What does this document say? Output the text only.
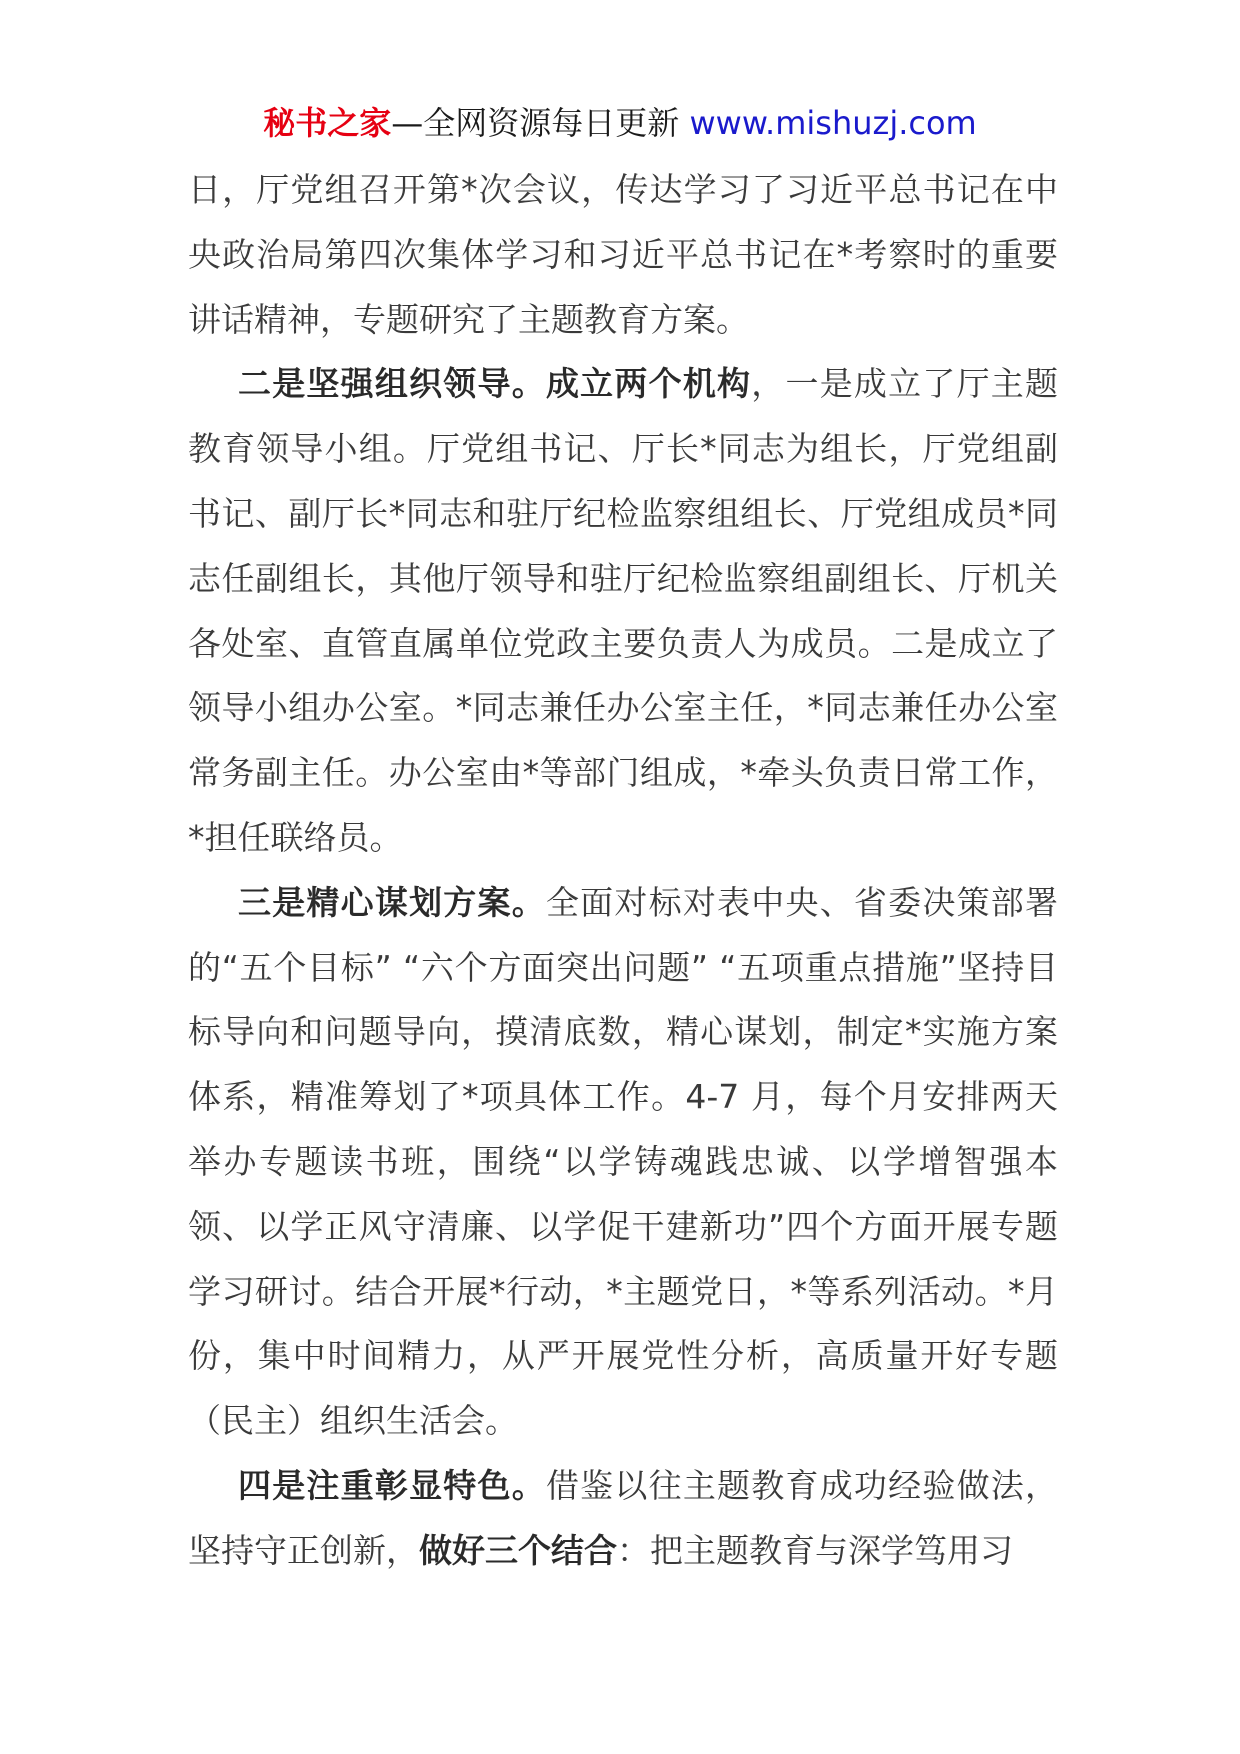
秘书之家—全网资源每日更新 www.mishuzj.com

日，厅党组召开第*次会议，传达学习了习近平总书记在中央政治局第四次集体学习和习近平总书记在*考察时的重要讲话精神，专题研究了主题教育方案。

二是坚强组织领导。成立两个机构，一是成立了厅主题教育领导小组。厅党组书记、厅长*同志为组长，厅党组副书记、副厅长*同志和驻厅纪检监察组组长、厅党组成员*同志任副组长，其他厅领导和驻厅纪检监察组副组长、厅机关各处室、直管直属单位党政主要负责人为成员。二是成立了领导小组办公室。*同志兼任办公室主任，*同志兼任办公室常务副主任。办公室由*等部门组成，*牵头负责日常工作，*担任联络员。

三是精心谋划方案。全面对标对表中央、省委决策部署的“五个目标” “六个方面突出问题” “五项重点措施”坚持目标导向和问题导向，摸清底数，精心谋划，制定*实施方案体系，精准筹划了*项具体工作。4-7 月，每个月安排两天举办专题读书班，围绕“以学铸魂践忠诚、以学增智强本领、以学正风守清廉、以学促干建新功”四个方面开展专题学习研讨。结合开展*行动，*主题党日，*等系列活动。*月份，集中时间精力，从严开展党性分析，高质量开好专题（民主）组织生活会。

四是注重彰显特色。借鉴以往主题教育成功经验做法，坚持守正创新，做好三个结合：把主题教育与深学笃用习
